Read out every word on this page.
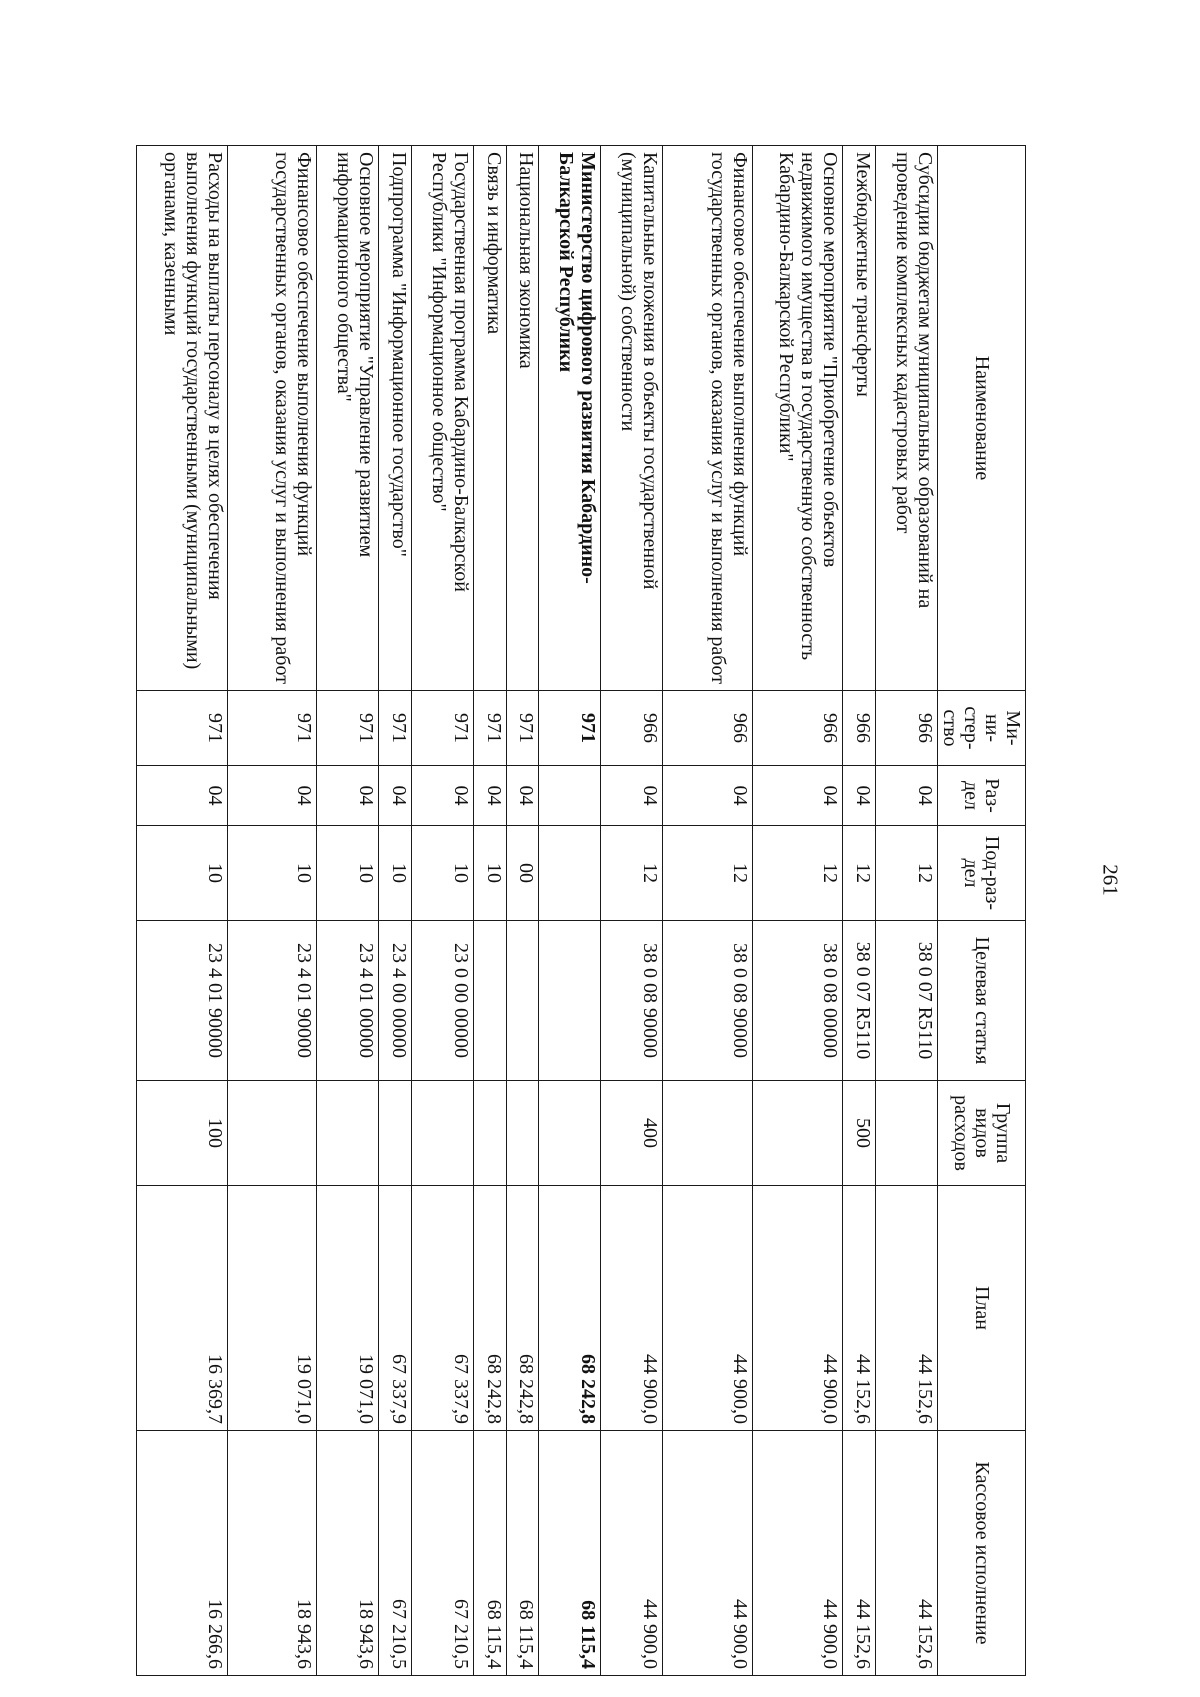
261
Наименование	Ми-ни-стер-ство	Раз-дел	Под-раз-дел	Целевая статья	Группа видов расходов	План	Кассовое исполнение
Субсидии бюджетам муниципальных образований на проведение комплексных кадастровых работ	966	04	12	38 0 07 R5110		44 152,6	44 152,6
Межбюджетные трансферты	966	04	12	38 0 07 R5110	500	44 152,6	44 152,6
Основное мероприятие "Приобретение объектов недвижимого имущества в государственную собственность Кабардино-Балкарской Республики"	966	04	12	38 0 08 00000		44 900,0	44 900,0
Финансовое обеспечение выполнения функций государственных органов, оказания услуг и выполнения работ	966	04	12	38 0 08 90000		44 900,0	44 900,0
Капитальные вложения в объекты государственной (муниципальной) собственности	966	04	12	38 0 08 90000	400	44 900,0	44 900,0
Министерство цифрового развития Кабардино-Балкарской Республики	971					68 242,8	68 115,4
Национальная экономика	971	04	00			68 242,8	68 115,4
Связь и информатика	971	04	10			68 242,8	68 115,4
Государственная программа Кабардино-Балкарской Республики "Информационное общество"	971	04	10	23 0 00 00000		67 337,9	67 210,5
Подпрограмма "Информационное государство"	971	04	10	23 4 00 00000		67 337,9	67 210,5
Основное мероприятие "Управление развитием информационного общества"	971	04	10	23 4 01 00000		19 071,0	18 943,6
Финансовое обеспечение выполнения функций государственных органов, оказания услуг и выполнения работ	971	04	10	23 4 01 90000		19 071,0	18 943,6
Расходы на выплаты персоналу в целях обеспечения выполнения функций государственными (муниципальными) органами, казенными	971	04	10	23 4 01 90000	100	16 369,7	16 266,6
